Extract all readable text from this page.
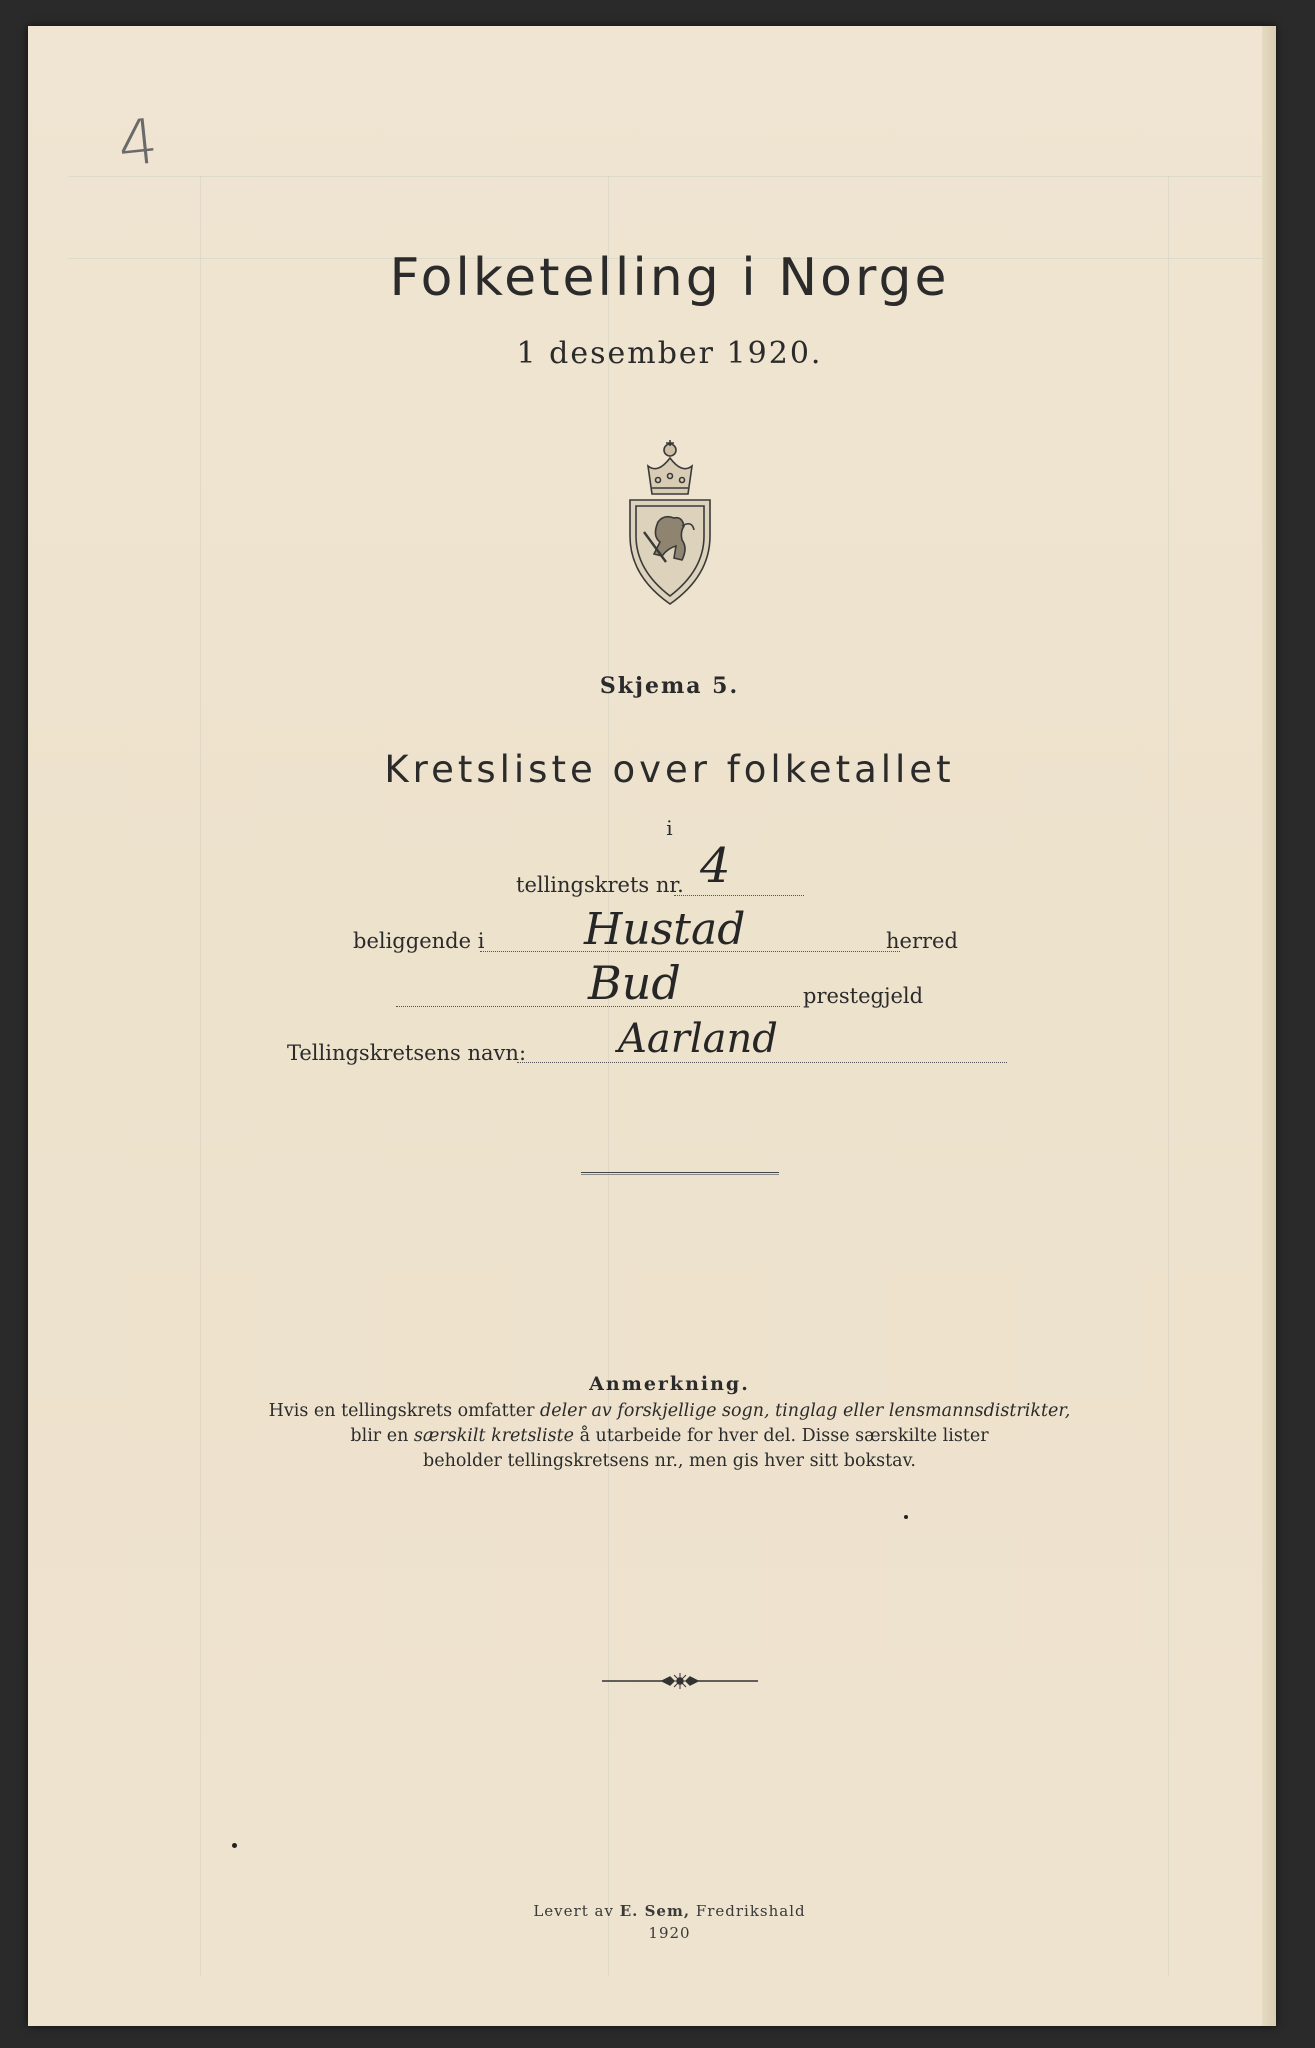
4
Folketelling i Norge
1 desember 1920.
Skjema 5.
Kretsliste over folketallet
i
tellingskrets nr. 4
beliggende i Hustad	herred
Bud	prestegjeld
Tellingskretsens navn: Aarland
Anmerkning.
Hvis en tellingskrets omfatter deler av forskjellige sogn, tinglag eller lensmannsdistrikter,
blir en særskilt kretsliste å utarbeide for hver del. Disse særskilte lister
beholder tellingskretsens nr., men gis hver sitt bokstav.
Levert av E. Sem, Fredrikshald
1920
